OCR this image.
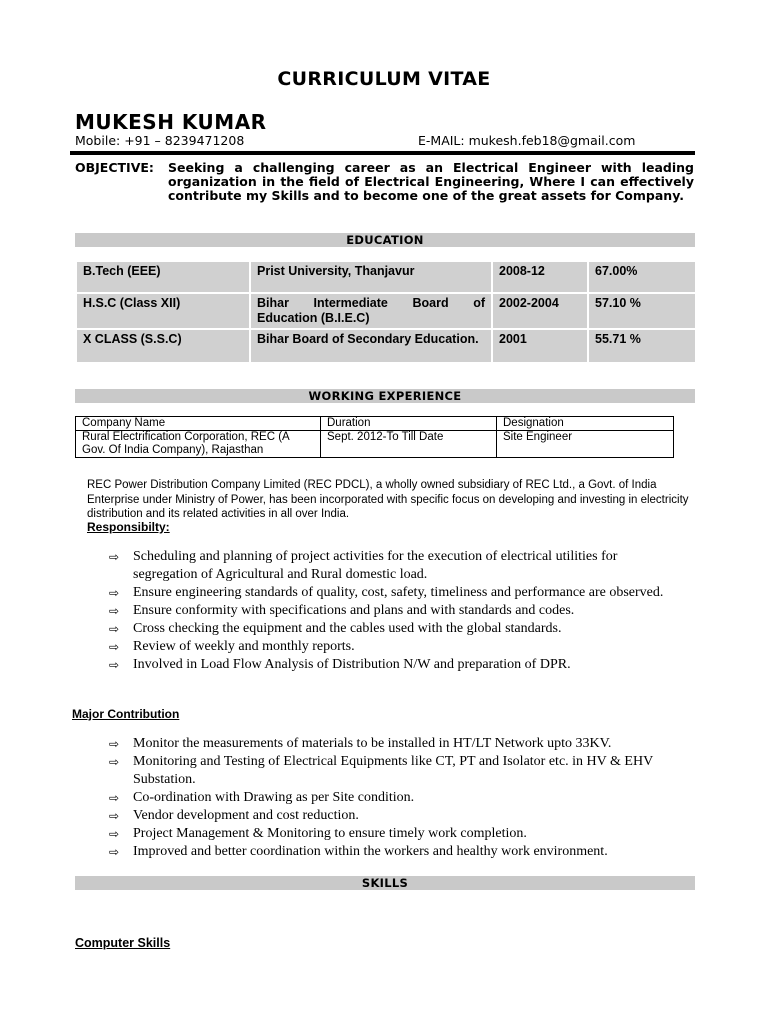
CURRICULUM VITAE
MUKESH KUMAR
Mobile: +91 – 8239471208	E-MAIL: mukesh.feb18@gmail.com
OBJECTIVE: Seeking a challenging career as an Electrical Engineer with leading organization in the field of Electrical Engineering, Where I can effectively contribute my Skills and to become one of the great assets for Company.
EDUCATION
B.Tech (EEE)	Prist University, Thanjavur	2008-12	67.00%
H.S.C (Class XII)	Bihar Intermediate Board of Education (B.I.E.C)	2002-2004	57.10 %
X CLASS (S.S.C)	Bihar Board of Secondary Education.	2001	55.71 %
WORKING EXPERIENCE
Company Name	Duration	Designation
Rural Electrification Corporation, REC (A Gov. Of India Company), Rajasthan	Sept. 2012-To Till Date	Site Engineer
REC Power Distribution Company Limited (REC PDCL), a wholly owned subsidiary of REC Ltd., a Govt. of India Enterprise under Ministry of Power, has been incorporated with specific focus on developing and investing in electricity distribution and its related activities in all over India.
Responsibilty:
⇨ Scheduling and planning of project activities for the execution of electrical utilities for segregation of Agricultural and Rural domestic load.
⇨ Ensure engineering standards of quality, cost, safety, timeliness and performance are observed.
⇨ Ensure conformity with specifications and plans and with standards and codes.
⇨ Cross checking the equipment and the cables used with the global standards.
⇨ Review of weekly and monthly reports.
⇨ Involved in Load Flow Analysis of Distribution N/W and preparation of DPR.
Major Contribution
⇨ Monitor the measurements of materials to be installed in HT/LT Network upto 33KV.
⇨ Monitoring and Testing of Electrical Equipments like CT, PT and Isolator etc. in HV & EHV Substation.
⇨ Co-ordination with Drawing as per Site condition.
⇨ Vendor development and cost reduction.
⇨ Project Management & Monitoring to ensure timely work completion.
⇨ Improved and better coordination within the workers and healthy work environment.
SKILLS
Computer Skills
